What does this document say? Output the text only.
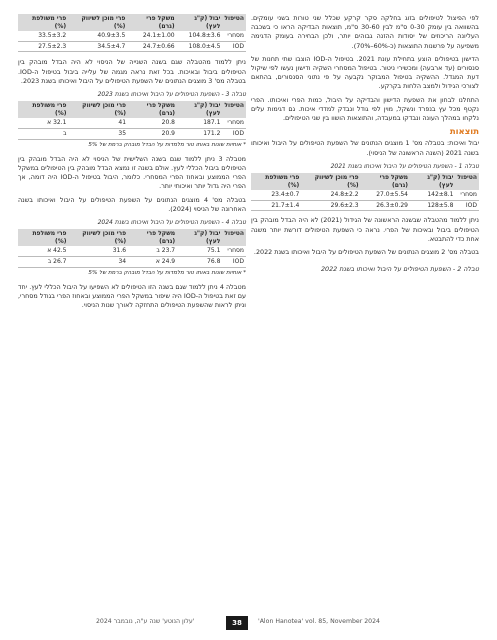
לפי הפיצול לטיפולים בזוג בחלקה סקר קרקע שכלל שני טורות בשני עומקים. בהשוואה בין עומק 0-30 ס"מ לבין 30-60 ס"מ, תוצאות הבדיקה הראו כי בשכבה העליונה הריכוזים של יסודות ההזנה גבוהים יותר, ולכן הבחירה בעומק הדגימה משפיעה על פרשנות התוצאות (כ-60%–70%).

הדישון בטיפולים הוצע בתחילת עונת 2021. בטיפול ה-IOD הוצבו שתי תחנות של סנסורים (עד ארבעה) ומכשירי ניטור. בטיפול המסחרי השקיה ודישון נעשו לפי שיקול דעת המגדל. ההשקיה בטיפול המבוקר נקבעה על פי נתוני הסנסורים, בהתאם לצורכי הגידול ולמצב הלחות בקרקע.

התחלנו לבחון את השפעת הדישון והבדיקה על היבול, כמות הפרי ואיכותו. הפרי נקטף מכל עץ בנפרד ונשקל, מוין לפי גודל ונבדק למדדי איכות. גם דגימות עלים נלקחו במהלך העונה ונבדקו במעבדה, והתוצאות הושוו בין שני הטיפולים.

תוצאות

יבול ואיכות: בטבלה מס' 1 מוצגים הנתונים של השפעת הטיפולים על היבול ואיכותו בשנה 2021 (השנה הראשונה של הניסוי).

טבלה 1 - השפעת הטיפולים על היבול ואיכותו בשנת 2021
הטיפול	יבול (ק"ג לעץ)	משקל פרי (גרם)	פרי מוכן לשיווק (%)	פרי משולפת (%)
מסחרי	142±8.1	27.0±5.54	24.8±2.2	23.4±0.7
IOD	128±5.8	26.3±0.29	29.6±2.3	21.7±1.4

ניתן ללמוד מהטבלה שבשנה הראשונה של הגידול (2021) לא היה הבדל מובהק בין הטיפולים ביבול ובאיכות של הפרי. נראה כי השפעת הטיפולים דורשת יותר משנה אחת כדי להתבטא.

בטבלה מס' 2 מוצגים הנתונים של השפעת הטיפולים על היבול ואיכותו בשנת 2022.

טבלה 2 - השפעת הטיפולים על היבול ואיכותו בשנת 2022
הטיפול	יבול (ק"ג לעץ)	משקל פרי (גרם)	פרי מוכן לשיווק (%)	פרי משולפת (%)
מסחרי	104.8±3.6	24.1±1.00	40.9±3.5	33.5±3.2
IOD	108.0±4.5	24.7±0.66	34.5±4.7	27.5±2.3

ניתן ללמוד מהטבלה שגם בשנה השנייה של הניסוי לא היה הבדל מובהק בין הטיפולים ביבול ובאיכות. בכל זאת נראה מגמה של עלייה ביבול בטיפול ה-IOD. בטבלה מס' 3 מוצגים הנתונים של השפעת הטיפולים על היבול ואיכותו בשנת 2023.

טבלה 3 - השפעת הטיפולים על היבול ואיכותו בשנת 2023
הטיפול	יבול (ק"ג לעץ)	משקל פרי (גרם)	פרי מוכן לשיווק (%)	פרי משולפת (%)
מסחרי	187.1	20.8	41	32.1 א
IOD	171.2	20.9	35	ב
* אותיות שונות באותו טור מלמדות על הבדל מובהק ברמת של 5%

מטבלה 3 ניתן ללמוד שגם בשנה השלישית של הניסוי לא היה הבדל מובהק בין הטיפולים ביבול הכללי לעץ. אולם בשנה זו נמצא הבדל מובהק בין הטיפולים במשקל הפרי הממוצע ובאחוז הפרי המסחרי. כלומר, היבול בטיפול ה-IOD היה דומה, אך הפרי היה גדול יותר ואיכותי יותר.

בטבלה מס' 4 מוצגים הנתונים על השפעת הטיפולים על היבול ואיכותו בשנה האחרונה של הניסוי (2024).

טבלה 4 - השפעת הטיפולים על היבול ואיכותו בשנת 2024
הטיפול	יבול (ק"ג לעץ)	משקל פרי (גרם)	פרי מוכן לשיווק (%)	פרי משולפת (%)
מסחרי	75.1	23.7 ב	31.6	42.5 א
IOD	76.8	24.9 א	34	26.7 ב
* אותיות שונות באותו טור מלמדות על הבדל מובהק ברמת של 5%

מטבלה 4 ניתן ללמוד שגם בשנה הזו הטיפולים לא השפיעו על היבול הכללי לעץ. יחד עם זאת בטיפול ה-IOD היה שיפור במשקל הפרי הממוצע ובאחוז הפרי בגודל מסחרי, וניתן לראות שהשפעת הטיפולים התחזקה לאורך שנות הניסוי.

'עלון הנוטע' שנה ע"ה, נובמבר 2024	38	'Alon Hanotea' vol. 85, November 2024
